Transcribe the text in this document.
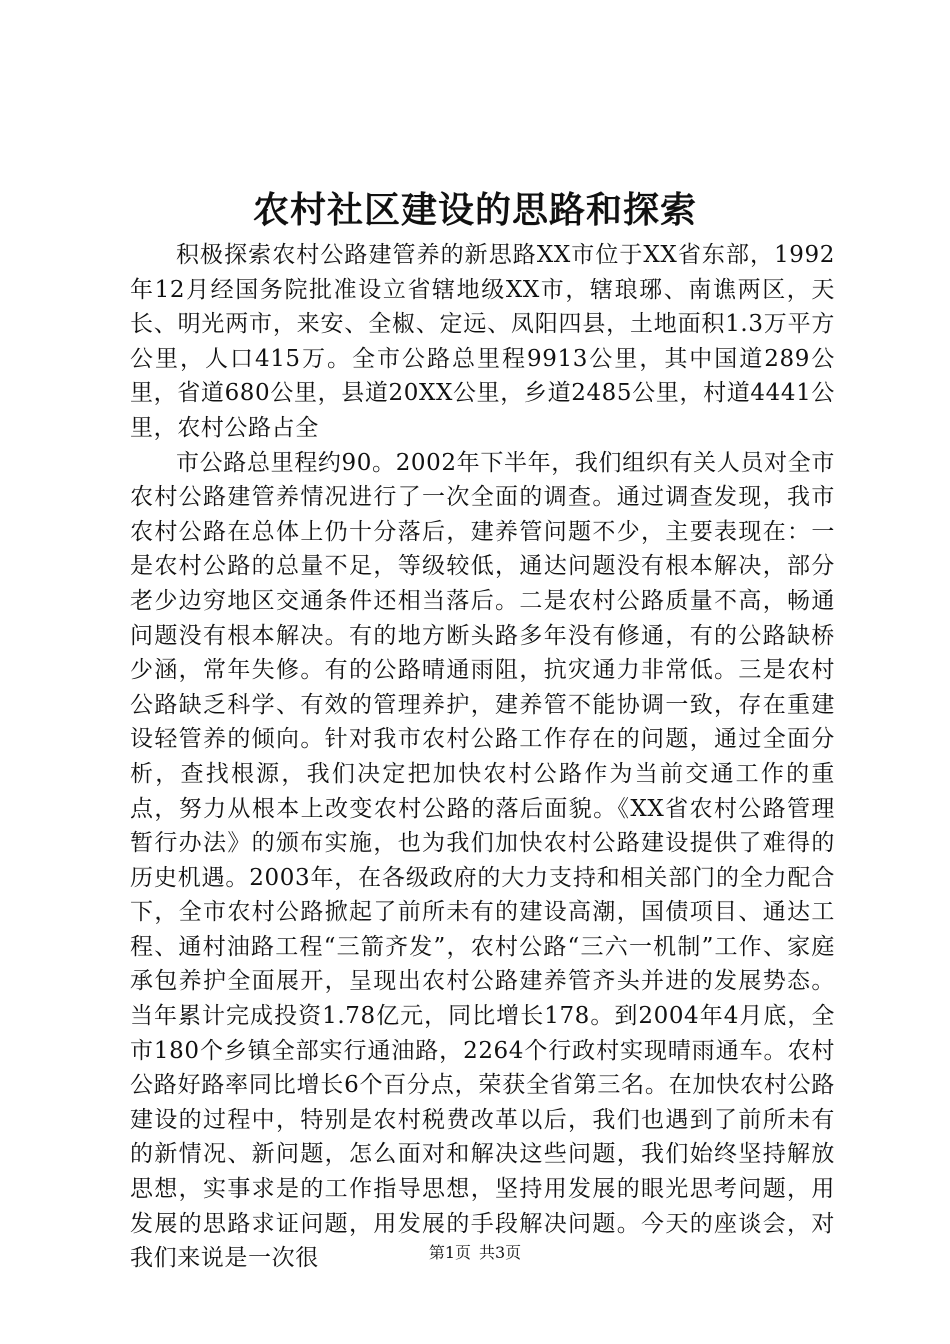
农村社区建设的思路和探索

积极探索农村公路建管养的新思路XX市位于XX省东部，1992年12月经国务院批准设立省辖地级XX市，辖琅琊、南谯两区，天长、明光两市，来安、全椒、定远、凤阳四县，土地面积1.3万平方公里，人口415万。全市公路总里程9913公里，其中国道289公里，省道680公里，县道20XX公里，乡道2485公里，村道4441公里，农村公路占全

市公路总里程约90。2002年下半年，我们组织有关人员对全市农村公路建管养情况进行了一次全面的调查。通过调查发现，我市农村公路在总体上仍十分落后，建养管问题不少，主要表现在：一是农村公路的总量不足，等级较低，通达问题没有根本解决，部分老少边穷地区交通条件还相当落后。二是农村公路质量不高，畅通问题没有根本解决。有的地方断头路多年没有修通，有的公路缺桥少涵，常年失修。有的公路晴通雨阻，抗灾通力非常低。三是农村公路缺乏科学、有效的管理养护，建养管不能协调一致，存在重建设轻管养的倾向。针对我市农村公路工作存在的问题，通过全面分析，查找根源，我们决定把加快农村公路作为当前交通工作的重点，努力从根本上改变农村公路的落后面貌。《XX省农村公路管理暂行办法》的颁布实施，也为我们加快农村公路建设提供了难得的历史机遇。2003年，在各级政府的大力支持和相关部门的全力配合下，全市农村公路掀起了前所未有的建设高潮，国债项目、通达工程、通村油路工程“三箭齐发”，农村公路“三六一机制”工作、家庭承包养护全面展开，呈现出农村公路建养管齐头并进的发展势态。当年累计完成投资1.78亿元，同比增长178。到2004年4月底，全市180个乡镇全部实行通油路，2264个行政村实现晴雨通车。农村公路好路率同比增长6个百分点，荣获全省第三名。在加快农村公路建设的过程中，特别是农村税费改革以后，我们也遇到了前所未有的新情况、新问题，怎么面对和解决这些问题，我们始终坚持解放思想，实事求是的工作指导思想，坚持用发展的眼光思考问题，用发展的思路求证问题，用发展的手段解决问题。今天的座谈会，对我们来说是一次很	第1页 共3页
